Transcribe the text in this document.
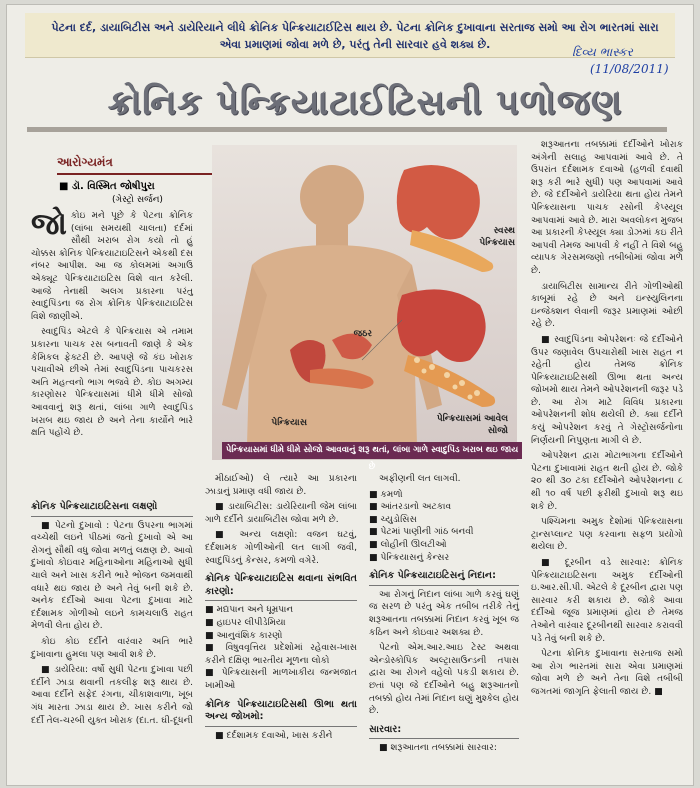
પેટના દર્દ, ડાયાબિટીસ અને ડાયેરિયાને લીધે ક્રોનિક પેન્ક્રિયાટાઈટિસ થાય છે. પેટના ક્રોનિક દુખાવાના સરતાજ સમો આ રોગ ભારતમાં સારા એવા પ્રમાણમાં જોવા મળે છે, પરંતુ તેની સારવાર હવે શક્ય છે.
દિવ્ય ભાસ્કર
(11/08/2011)
ક્રોનિક પેન્ક્રિયાટાઈટિસની પળોજણ
આરોગ્યમંત્ર
■ ડૉ. વિસ્મિત જોષીપુરા
(ગેસ્ટ્રો સર્જન)
સ્વસ્થ પેન્ક્રિયાસ
જઠર
પેન્ક્રિયાસ	પેન્ક્રિયાસમાં આવેલ સોજો
પેન્ક્રિયાસમાં ધીમે ધીમે સોજો આવવાનું શરૂ થતાં, લાંબા ગાળે સ્વાદુપિંડ ખરાબ થઇ જાય છે

જોકોઇ મને પૂછે કે પેટના ક્રોનિક (લાંબા સમયથી ચાલતા) દર્દમાં સૌથી ખરાબ રોગ કયો તો હું ચોક્કસ ક્રોનિક પેન્ક્રિયાટાઇટિસને એકથી દસ નંબર આપીશ. આ જ કોલમમાં અગાઉ એક્યૂટ પેન્ક્રિયાટાઇટિસ વિશે વાત કરેલી. આજે તેનાથી અલગ પ્રકારના પરંતુ સ્વાદુપિંડના જ રોગ ક્રોનિક પેન્ક્રિયાટાઇટિસ વિશે જાણીએ.

સ્વાદુપિંડ એટલે કે પેન્ક્રિયાસ એ તમામ પ્રકારના પાચક રસ બનાવતી જાણે કે એક કેમિકલ ફેક્ટરી છે. આપણે જે કંઇ ખોરાક પચાવીએ છીએ તેમાં સ્વાદુપિંડના પાચકરસ અતિ મહત્વનો ભાગ ભજવે છે. કોઇ અગમ્ય કારણોસર પેન્ક્રિયાસમાં ધીમે ધીમે સોજો આવવાનું શરૂ થતાં, લાંબા ગાળે સ્વાદુપિંડ ખરાબ થઇ જાય છે અને તેના કાર્યોને ભારે ક્ષતિ પહોંચે છે.

ક્રોનિક પેન્ક્રિયાટાઇટિસના લક્ષણો

■ પેટનો દુખાવો : પેટના ઉપરના ભાગમાં વચ્ચેથી લઇને પીઠમાં જતો દુખાવો એ આ રોગનું સૌથી વધુ જોવા મળતું લક્ષણ છે. આવો દુખાવો કોઇવાર મહિનાઓના મહિનાઓ સુધી ચાલે અને ખાસ કરીને ભારે ભોજન જમવાથી વધારે થઇ જાય છે અને તેવું બની શકે છે. અનેક દર્દીઓ આવા પેટના દુખાવા માટે દર્દશામક ગોળીઓ લઇને કામચલાઉ રાહત મેળવી લેતા હોય છે.

કોઇ કોઇ દર્દીને વારંવાર અતિ ભારે દુખાવાના હુમલા પણ આવી શકે છે.

■ ડાયેરિયા: વર્ષો સુધી પેટના દુખાવા પછી દર્દીને ઝાડા થવાની તકલીફ શરૂ થાય છે. આવા દર્દીને સફેદ રંગના, ચીકાશવાળા, ખૂબ ગંધ મારતા ઝાડા થાય છે. ખાસ કરીને જો દર્દી તેલ-ચરબી યુક્ત ખોરાક (દા.ત. ઘી-દૂધની

મીઠાઈઓ) લે ત્યારે આ પ્રકારના ઝાડાનું પ્રમાણ વધી જાય છે.

■ ડાયાબિટીસ: ડાયેરિયાની જેમ લાંબા ગાળે દર્દીને ડાયાબિટીસ જોવા મળે છે.

■ અન્ય લક્ષણો: વજન ઘટવું, દર્દશામક ગોળીઓની લત લાગી જવી, સ્વાદુપિંડનું કેન્સર, કમળો વગેરે.

ક્રોનિક પેન્ક્રિયાટાઇટિસ થવાના સંભવિત કારણો:

■ મદ્યપાન અને ધૂમ્રપાન

■ હાઇપર લીપીડેમિયા

■ આનુવંશિક કારણો

■ વિષુવવૃત્તિય પ્રદેશોમાં રહેવાસ-ખાસ કરીને દક્ષિણ ભારતીય મૂળના લોકો

■ પેન્ક્રિયાસની માળખાકીય જન્મજાત ખામીઓ

ક્રોનિક પેન્ક્રિયાટાઇટિસથી ઊભા થતા અન્ય જોખમો:

■ દર્દશામક દવાઓ, ખાસ કરીને

અફીણની લત લાગવી.

■ કમળો

■ આંતરડાનો અટકાવ

■ ચ્યુડોસિસ

■ પેટમાં પાણીની ગાંઠ બનવી

■ લોહીની ઊલટીઓ

■ પેન્ક્રિયાસનું કેન્સર

ક્રોનિક પેન્ક્રિયાટાઇટિસનું નિદાન:

આ રોગનું નિદાન લાંબા ગાળે કરવું ઘણું જ સરળ છે પરંતુ એક તબીબ તરીકે તેનું શરૂઆતના તબક્કામાં નિદાન કરવું ખૂબ જ કઠિન અને કોઇવાર અશક્ય છે.

પેટનો એમ.આર.આઇ ટેસ્ટ અથવા એન્ડોસ્કોપિક અલ્ટ્રાસાઉન્ડની તપાસ દ્વારા આ રોગને વહેલો પકડી શકાય છે. છતાં પણ જે દર્દીઓને બહુ શરૂઆતનો તબક્કો હોય તેમાં નિદાન ઘણું મુશ્કેલ હોય છે.

સારવાર:

■ શરૂઆતના તબક્કામાં સારવાર:

શરૂઆતના તબક્કામાં દર્દીઓને ખોરાક અંગેની સલાહ આપવામાં આવે છે. તે ઉપરાંત દર્દશામક દવાઓ (હળવી દવાથી શરૂ કરી ભારે સુધી) પણ આપવામાં આવે છે. જે દર્દીઓને ડાયેરિયા થતા હોય તેમને પેન્ક્રિયાસના પાચક રસોની કેપ્સ્યૂલ આપવામાં આવે છે. મારા અવલોકન મુજબ આ પ્રકારની કેપ્સ્યૂલ ક્યા ડોઝમાં કઇ રીતે આપવી તેમજ આપવી કે નહીં તે વિશે બહુ વ્યાપક ગેરસમજણો તબીબોમાં જોવા મળે છે.

ડાયાબિટીસ સામાન્ય રીતે ગોળીઓથી કાબૂમાં રહે છે અને ઇન્સ્યુલિનના ઇન્જેક્શન લેવાની જરૂર પ્રમાણમાં ઓછી રહે છે.

■ સ્વાદુપિંડના ઓપરેશનઃ જે દર્દીઓને ઉપર જણાવેલ ઉપચારોથી ખાસ રાહત ન રહેતી હોય તેમજ ક્રોનિક પેન્ક્રિયાટાઇટિસથી ઊભા થતા અન્ય જોખમો થાય તેમને ઓપરેશનની જરૂર પડે છે. આ રોગ માટે વિવિધ પ્રકારના ઓપરેશનની શોધ થયેલી છે. ક્યા દર્દીને કયું ઓપરેશન કરવું તે ગેસ્ટ્રોસર્જનોના નિર્ણયની નિપુણતા માગી લે છે.

ઓપરેશન દ્વારા મોટાભાગના દર્દીઓને પેટના દુખાવામાં રાહત થતી હોય છે. જોકે ૨૦ થી ૩૦ ટકા દર્દીઓને ઓપરેશનના ૮ થી ૧૦ વર્ષ પછી ફરીથી દુખાવો શરૂ થઇ શકે છે.

પશ્ચિમના અમુક દેશોમાં પેન્ક્રિયાસના ટ્રાન્સપ્લાન્ટ પણ કરવાના સફળ પ્રયોગો થયેલા છે.

■ દૂરબીન વડે સારવાર: ક્રોનિક પેન્ક્રિયાટાઇટિસના અમુક દર્દીઓની ઇ.આર.સી.પી. એટલે કે દૂરબીન દ્વારા પણ સારવાર કરી શકાય છે. જોકે આવા દર્દીઓ જૂજ પ્રમાણમાં હોય છે તેમજ તેઓને વારંવાર દૂરબીનથી સારવાર કરાવવી પડે તેવું બની શકે છે.

પેટના ક્રોનિક દુખાવાના સરતાજ સમો આ રોગ ભારતમાં સારા એવા પ્રમાણમાં જોવા મળે છે અને તેના વિશે તબીબી જગતમાં જાગૃતિ ફેલાતી જાય છે. ■
